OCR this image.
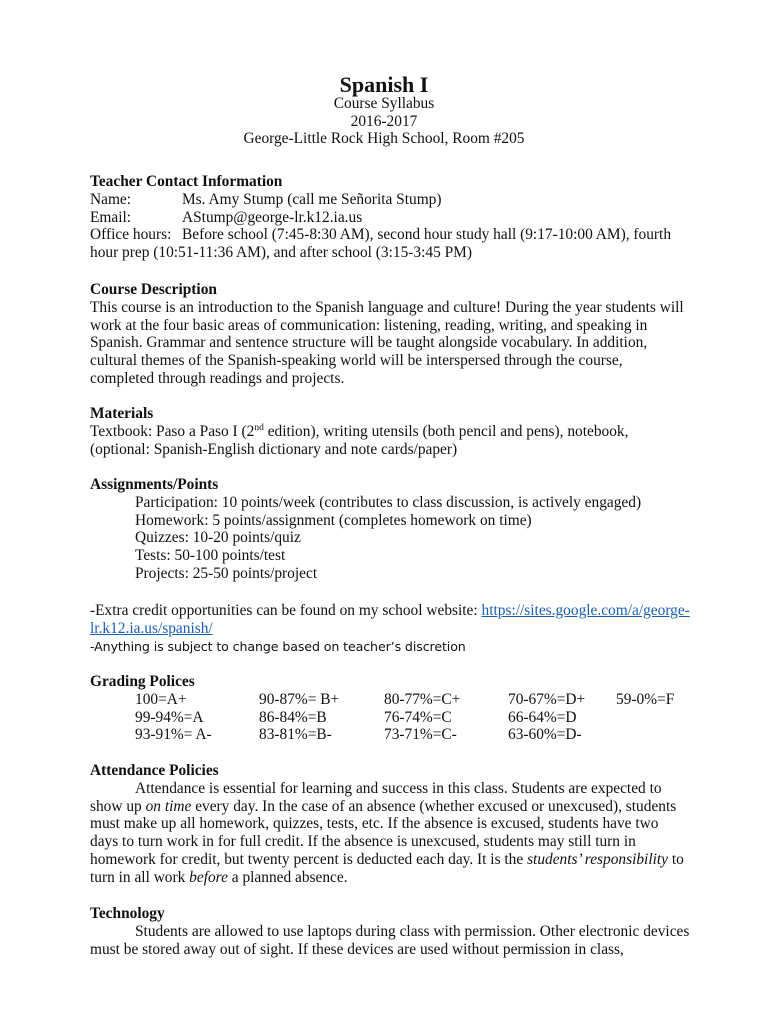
Spanish I
Course Syllabus
2016-2017
George-Little Rock High School, Room #205
Teacher Contact Information
Name:	Ms. Amy Stump (call me Señorita Stump)
Email:	AStump@george-lr.k12.ia.us
Office hours: Before school (7:45-8:30 AM), second hour study hall (9:17-10:00 AM), fourth
hour prep (10:51-11:36 AM), and after school (3:15-3:45 PM)
Course Description

This course is an introduction to the Spanish language and culture! During the year students will work at the four basic areas of communication: listening, reading, writing, and speaking in Spanish. Grammar and sentence structure will be taught alongside vocabulary. In addition, cultural themes of the Spanish-speaking world will be interspersed through the course, completed through readings and projects.

Materials
Textbook: Paso a Paso I (2nd edition), writing utensils (both pencil and pens), notebook,
(optional: Spanish-English dictionary and note cards/paper)
Assignments/Points
Participation: 10 points/week (contributes to class discussion, is actively engaged)
Homework: 5 points/assignment (completes homework on time)
Quizzes: 10-20 points/quiz
Tests: 50-100 points/test
Projects: 25-50 points/project
-Extra credit opportunities can be found on my school website: https://sites.google.com/a/george-
lr.k12.ia.us/spanish/
-Anything is subject to change based on teacher’s discretion
Grading Polices
100=A+	90-87%= B+	80-77%=C+	70-67%=D+	59-0%=F
99-94%=A	86-84%=B	76-74%=C	66-64%=D	
93-91%= A-	83-81%=B-	73-71%=C-	63-60%=D-	
Attendance Policies

Attendance is essential for learning and success in this class. Students are expected to show up on time every day. In the case of an absence (whether excused or unexcused), students must make up all homework, quizzes, tests, etc. If the absence is excused, students have two days to turn work in for full credit. If the absence is unexcused, students may still turn in homework for credit, but twenty percent is deducted each day. It is the students’ responsibility to turn in all work before a planned absence.

Technology

Students are allowed to use laptops during class with permission. Other electronic devices must be stored away out of sight. If these devices are used without permission in class,
